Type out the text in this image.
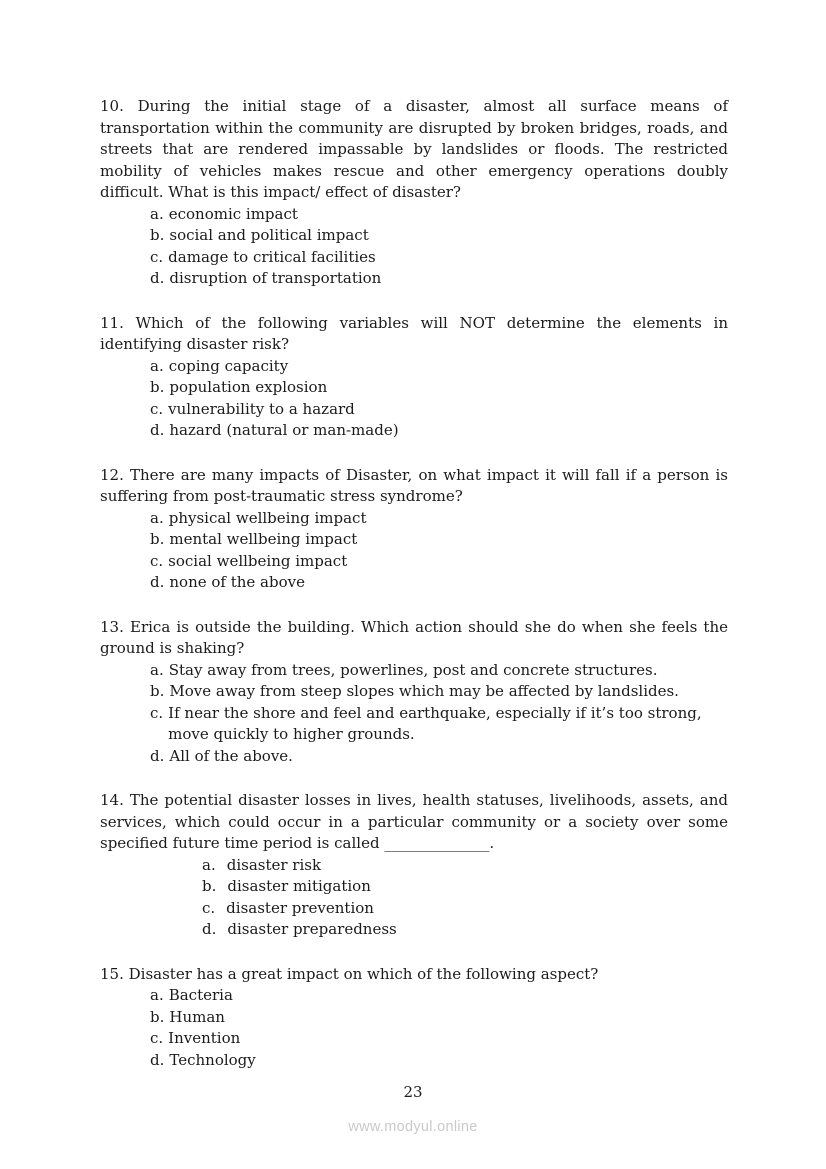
10. During the initial stage of a disaster, almost all surface means of transportation within the community are disrupted by broken bridges, roads, and streets that are rendered impassable by landslides or floods. The restricted mobility of vehicles makes rescue and other emergency operations doubly difficult. What is this impact/ effect of disaster?

a. economic impact
b. social and political impact
c. damage to critical facilities
d. disruption of transportation

11. Which of the following variables will NOT determine the elements in identifying disaster risk?

a. coping capacity
b. population explosion
c. vulnerability to a hazard
d. hazard (natural or man-made)

12. There are many impacts of Disaster, on what impact it will fall if a person is suffering from post-traumatic stress syndrome?

a. physical wellbeing impact
b. mental wellbeing impact
c. social wellbeing impact
d. none of the above

13. Erica is outside the building. Which action should she do when she feels the ground is shaking?

a. Stay away from trees, powerlines, post and concrete structures.
b. Move away from steep slopes which may be affected by landslides.
c. If near the shore and feel and earthquake, especially if it’s too strong, move quickly to higher grounds.
d. All of the above.

14. The potential disaster losses in lives, health statuses, livelihoods, assets, and services, which could occur in a particular community or a society over some specified future time period is called ______________.

a. disaster risk
b. disaster mitigation
c. disaster prevention
d. disaster preparedness

15. Disaster has a great impact on which of the following aspect?

a. Bacteria
b. Human
c. Invention
d. Technology
23
www.modyul.online
